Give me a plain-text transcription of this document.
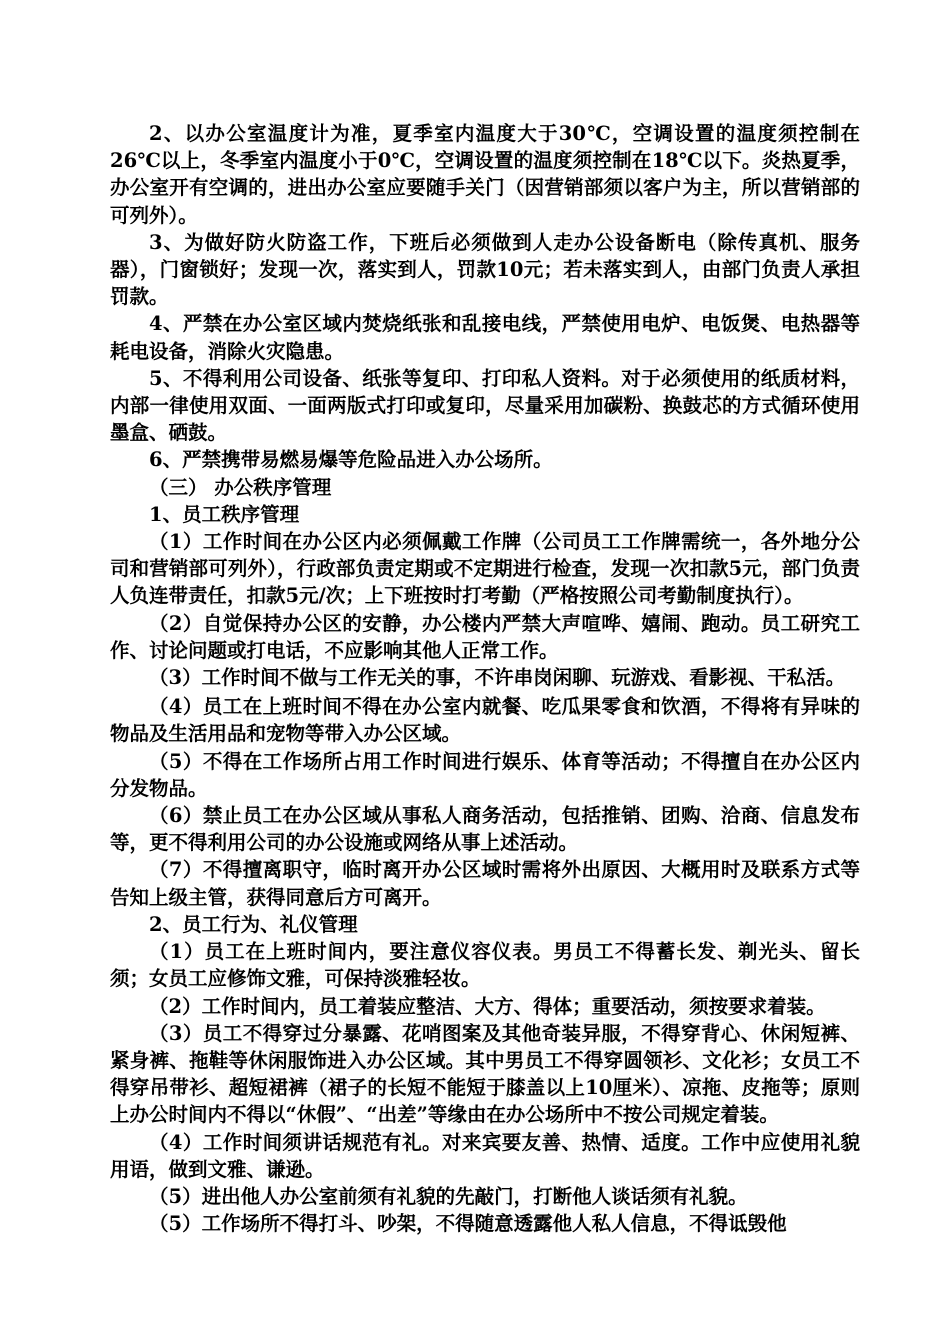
2、以办公室温度计为准，夏季室内温度大于30℃，空调设置的温度须控制在26℃以上，冬季室内温度小于0℃，空调设置的温度须控制在18℃以下。炎热夏季，办公室开有空调的，进出办公室应要随手关门（因营销部须以客户为主，所以营销部的可列外）。

3、为做好防火防盗工作，下班后必须做到人走办公设备断电（除传真机、服务器），门窗锁好；发现一次，落实到人，罚款10元；若未落实到人，由部门负责人承担罚款。

4、严禁在办公室区域内焚烧纸张和乱接电线，严禁使用电炉、电饭煲、电热器等耗电设备，消除火灾隐患。

5、不得利用公司设备、纸张等复印、打印私人资料。对于必须使用的纸质材料，内部一律使用双面、一面两版式打印或复印，尽量采用加碳粉、换鼓芯的方式循环使用墨盒、硒鼓。

6、严禁携带易燃易爆等危险品进入办公场所。

（三） 办公秩序管理

1、员工秩序管理

（1）工作时间在办公区内必须佩戴工作牌（公司员工工作牌需统一，各外地分公司和营销部可列外），行政部负责定期或不定期进行检查，发现一次扣款5元，部门负责人负连带责任，扣款5元/次；上下班按时打考勤（严格按照公司考勤制度执行）。

（2）自觉保持办公区的安静，办公楼内严禁大声喧哗、嬉闹、跑动。员工研究工作、讨论问题或打电话，不应影响其他人正常工作。

（3）工作时间不做与工作无关的事，不许串岗闲聊、玩游戏、看影视、干私活。

（4）员工在上班时间不得在办公室内就餐、吃瓜果零食和饮酒，不得将有异味的物品及生活用品和宠物等带入办公区域。

（5）不得在工作场所占用工作时间进行娱乐、体育等活动；不得擅自在办公区内分发物品。

（6）禁止员工在办公区域从事私人商务活动，包括推销、团购、洽商、信息发布等，更不得利用公司的办公设施或网络从事上述活动。

（7）不得擅离职守，临时离开办公区域时需将外出原因、大概用时及联系方式等告知上级主管，获得同意后方可离开。

2、员工行为、礼仪管理

（1）员工在上班时间内，要注意仪容仪表。男员工不得蓄长发、剃光头、留长须；女员工应修饰文雅，可保持淡雅轻妆。

（2）工作时间内，员工着装应整洁、大方、得体；重要活动，须按要求着装。

（3）员工不得穿过分暴露、花哨图案及其他奇装异服，不得穿背心、休闲短裤、紧身裤、拖鞋等休闲服饰进入办公区域。其中男员工不得穿圆领衫、文化衫；女员工不得穿吊带衫、超短裙裤（裙子的长短不能短于膝盖以上10厘米）、凉拖、皮拖等；原则上办公时间内不得以“休假”、“出差”等缘由在办公场所中不按公司规定着装。

（4）工作时间须讲话规范有礼。对来宾要友善、热情、适度。工作中应使用礼貌用语，做到文雅、谦逊。

（5）进出他人办公室前须有礼貌的先敲门，打断他人谈话须有礼貌。

（5）工作场所不得打斗、吵架，不得随意透露他人私人信息，不得诋毁他
